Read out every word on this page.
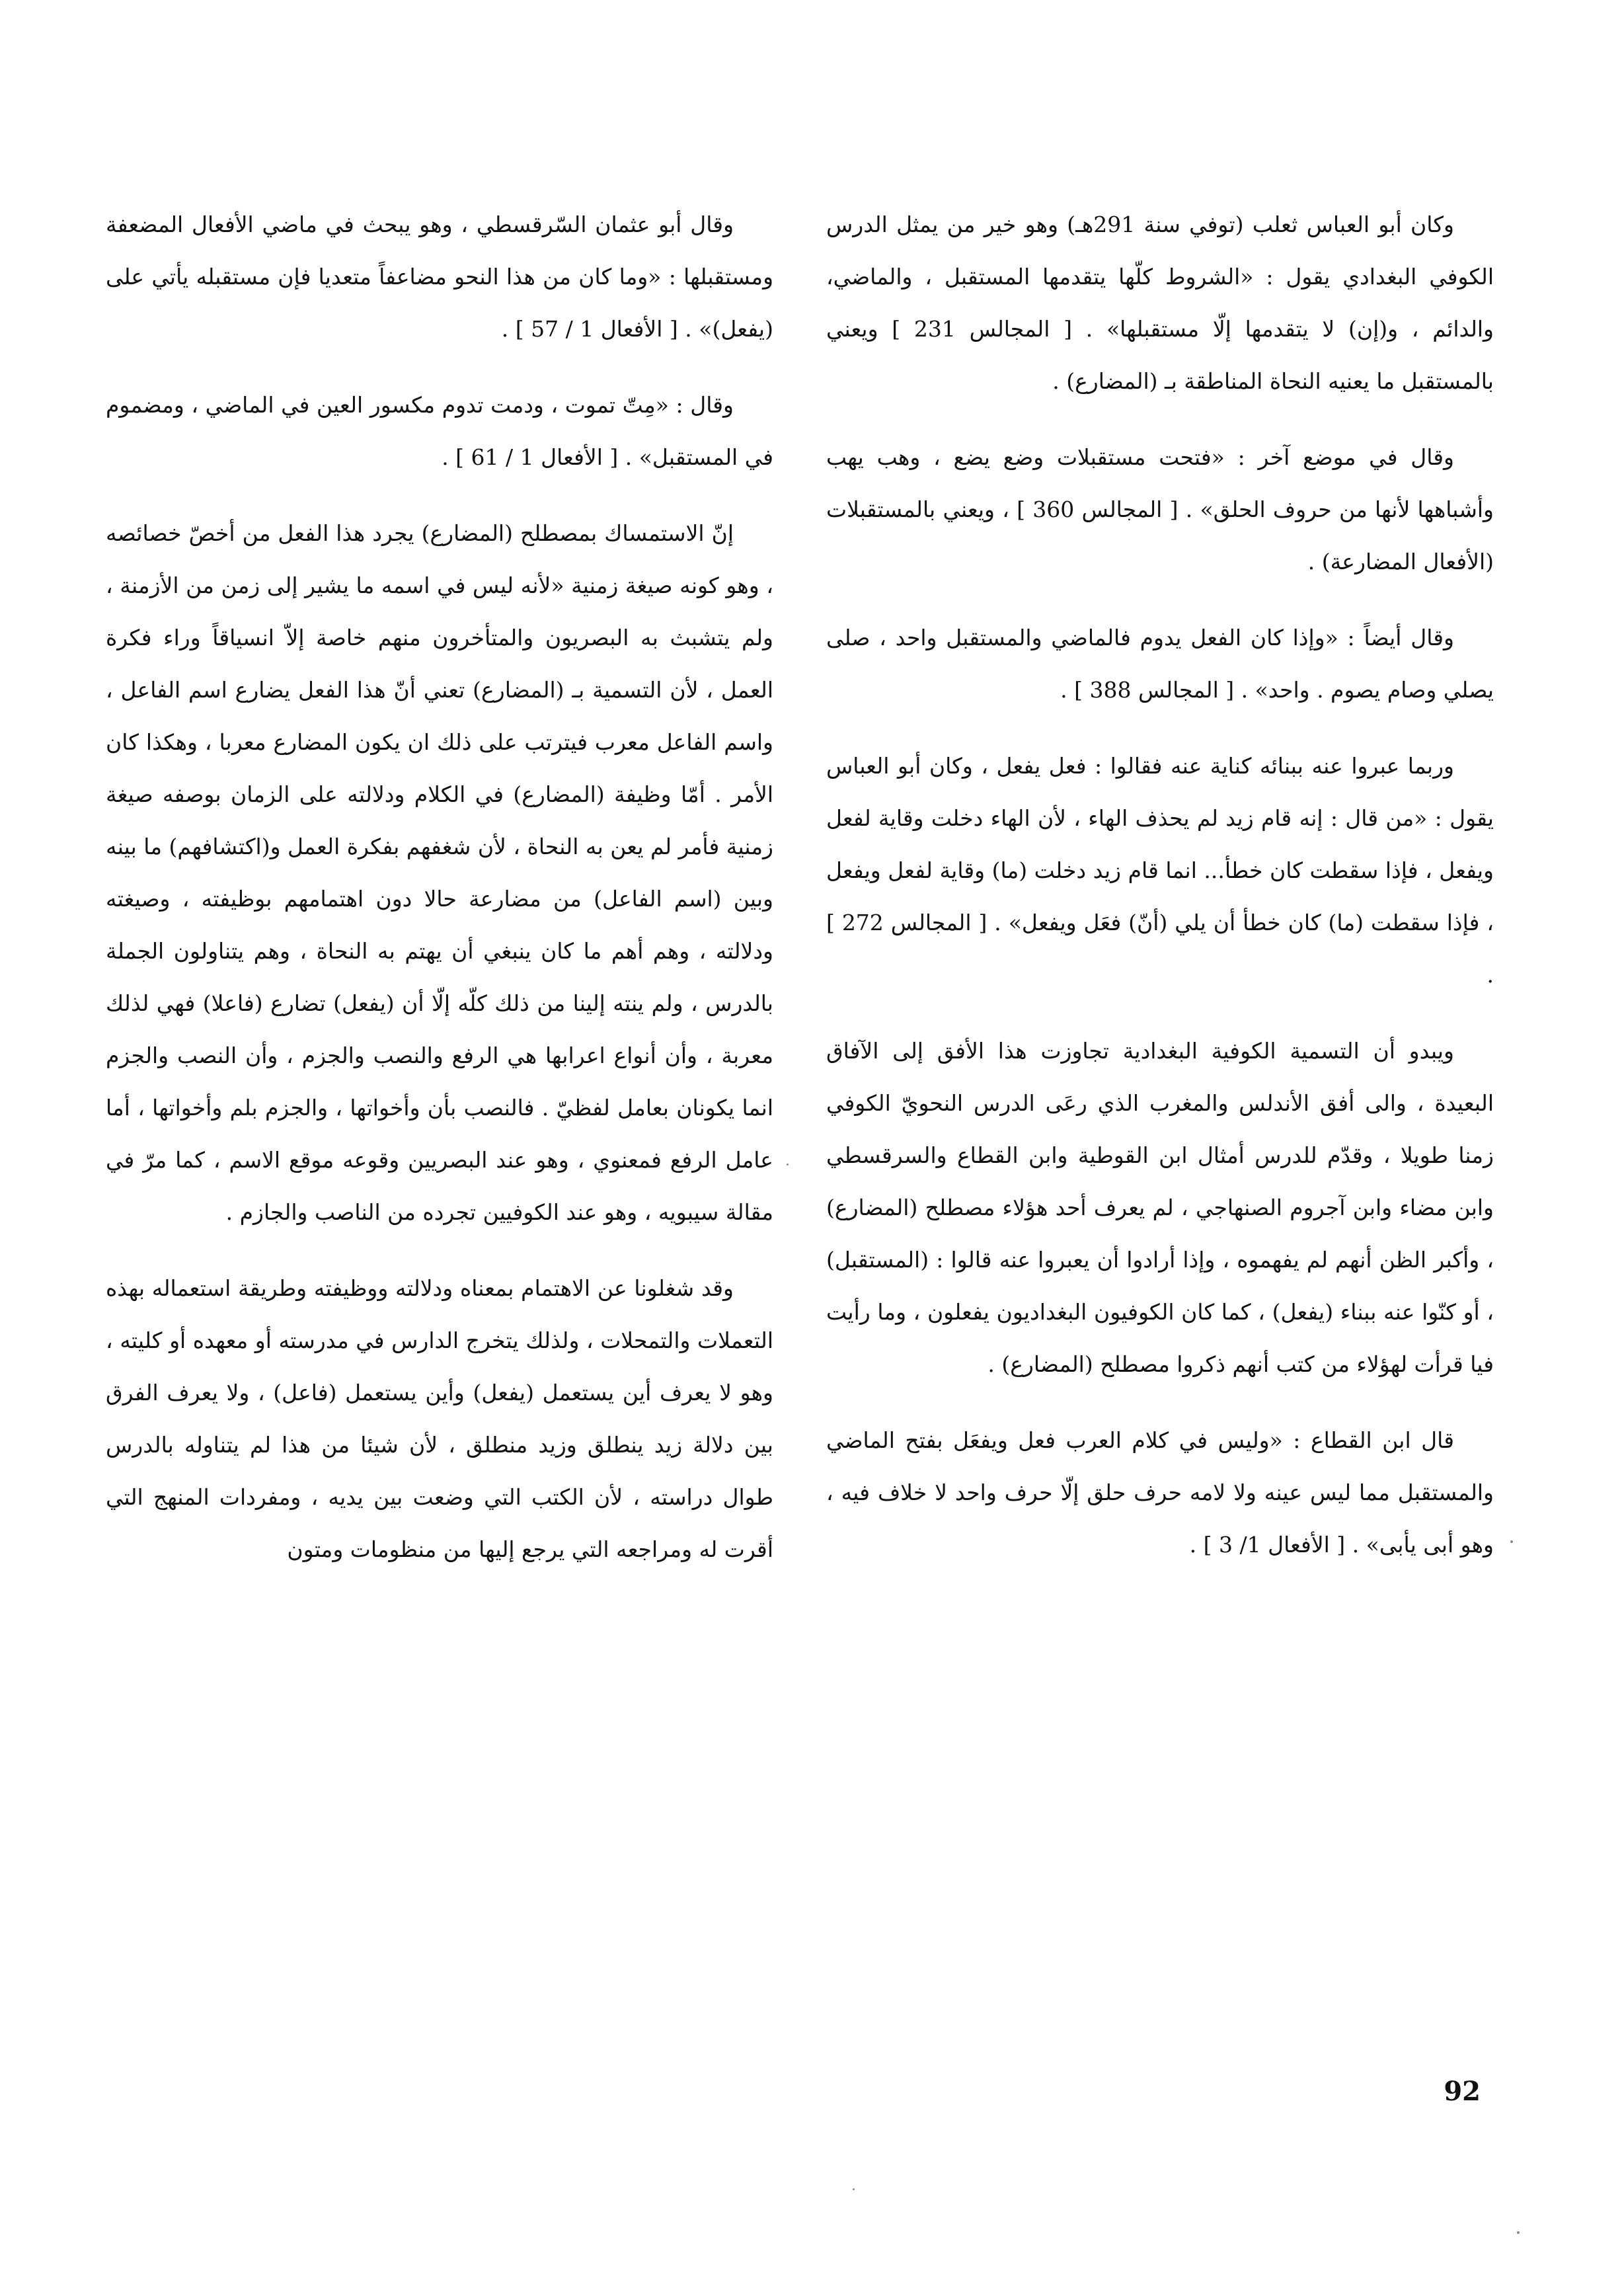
وكان أبو العباس ثعلب (توفي سنة 291هـ) وهو خير من يمثل الدرس الكوفي البغدادي يقول : «الشروط كلّها يتقدمها المستقبل ، والماضي، والدائم ، و(إن) لا يتقدمها إلّا مستقبلها» . [ المجالس 231 ] ويعني بالمستقبل ما يعنيه النحاة المناطقة بـ (المضارع) .

وقال في موضع آخر : «فتحت مستقبلات وضع يضع ، وهب يهب وأشباهها لأنها من حروف الحلق» . [ المجالس 360 ] ، ويعني بالمستقبلات (الأفعال المضارعة) .

وقال أيضاً : «وإذا كان الفعل يدوم فالماضي والمستقبل واحد ، صلى يصلي وصام يصوم . واحد» . [ المجالس 388 ] .

وربما عبروا عنه ببنائه كناية عنه فقالوا : فعل يفعل ، وكان أبو العباس يقول : «من قال : إنه قام زيد لم يحذف الهاء ، لأن الهاء دخلت وقاية لفعل ويفعل ، فإذا سقطت كان خطأ... انما قام زيد دخلت (ما) وقاية لفعل ويفعل ، فإذا سقطت (ما) كان خطأ أن يلي (أنّ) فعَل ويفعل» . [ المجالس 272 ] .

ويبدو أن التسمية الكوفية البغدادية تجاوزت هذا الأفق إلى الآفاق البعيدة ، والى أفق الأندلس والمغرب الذي رعَى الدرس النحويّ الكوفي زمنا طويلا ، وقدّم للدرس أمثال ابن القوطية وابن القطاع والسرقسطي وابن مضاء وابن آجروم الصنهاجي ، لم يعرف أحد هؤلاء مصطلح (المضارع) ، وأكبر الظن أنهم لم يفهموه ، وإذا أرادوا أن يعبروا عنه قالوا : (المستقبل) ، أو كنّوا عنه ببناء (يفعل) ، كما كان الكوفيون البغداديون يفعلون ، وما رأيت فيا قرأت لهؤلاء من كتب أنهم ذكروا مصطلح (المضارع) .

قال ابن القطاع : «وليس في كلام العرب فعل ويفعَل بفتح الماضي والمستقبل مما ليس عينه ولا لامه حرف حلق إلّا حرف واحد لا خلاف فيه ، وهو أبى يأبى» . [ الأفعال 1/ 3 ] .

وقال أبو عثمان السّرقسطي ، وهو يبحث في ماضي الأفعال المضعفة ومستقبلها : «وما كان من هذا النحو مضاعفاً متعديا فإن مستقبله يأتي على (يفعل)» . [ الأفعال 1 / 57 ] .

وقال : «مِتّ تموت ، ودمت تدوم مكسور العين في الماضي ، ومضموم في المستقبل» . [ الأفعال 1 / 61 ] .

إنّ الاستمساك بمصطلح (المضارع) يجرد هذا الفعل من أخصّ خصائصه ، وهو كونه صيغة زمنية «لأنه ليس في اسمه ما يشير إلى زمن من الأزمنة ، ولم يتشبث به البصريون والمتأخرون منهم خاصة إلاّ انسياقاً وراء فكرة العمل ، لأن التسمية بـ (المضارع) تعني أنّ هذا الفعل يضارع اسم الفاعل ، واسم الفاعل معرب فيترتب على ذلك ان يكون المضارع معربا ، وهكذا كان الأمر . أمّا وظيفة (المضارع) في الكلام ودلالته على الزمان بوصفه صيغة زمنية فأمر لم يعن به النحاة ، لأن شغفهم بفكرة العمل و(اكتشافهم) ما بينه وبين (اسم الفاعل) من مضارعة حالا دون اهتمامهم بوظيفته ، وصيغته ودلالته ، وهم أهم ما كان ينبغي أن يهتم به النحاة ، وهم يتناولون الجملة بالدرس ، ولم ينته إلينا من ذلك كلّه إلّا أن (يفعل) تضارع (فاعلا) فهي لذلك معربة ، وأن أنواع اعرابها هي الرفع والنصب والجزم ، وأن النصب والجزم انما يكونان بعامل لفظيّ . فالنصب بأن وأخواتها ، والجزم بلم وأخواتها ، أما عامل الرفع فمعنوي ، وهو عند البصريين وقوعه موقع الاسم ، كما مرّ في مقالة سيبويه ، وهو عند الكوفيين تجرده من الناصب والجازم .

وقد شغلونا عن الاهتمام بمعناه ودلالته ووظيفته وطريقة استعماله بهذه التعملات والتمحلات ، ولذلك يتخرج الدارس في مدرسته أو معهده أو كليته ، وهو لا يعرف أين يستعمل (يفعل) وأين يستعمل (فاعل) ، ولا يعرف الفرق بين دلالة زيد ينطلق وزيد منطلق ، لأن شيئا من هذا لم يتناوله بالدرس طوال دراسته ، لأن الكتب التي وضعت بين يديه ، ومفردات المنهج التي أقرت له ومراجعه التي يرجع إليها من منظومات ومتون

92
